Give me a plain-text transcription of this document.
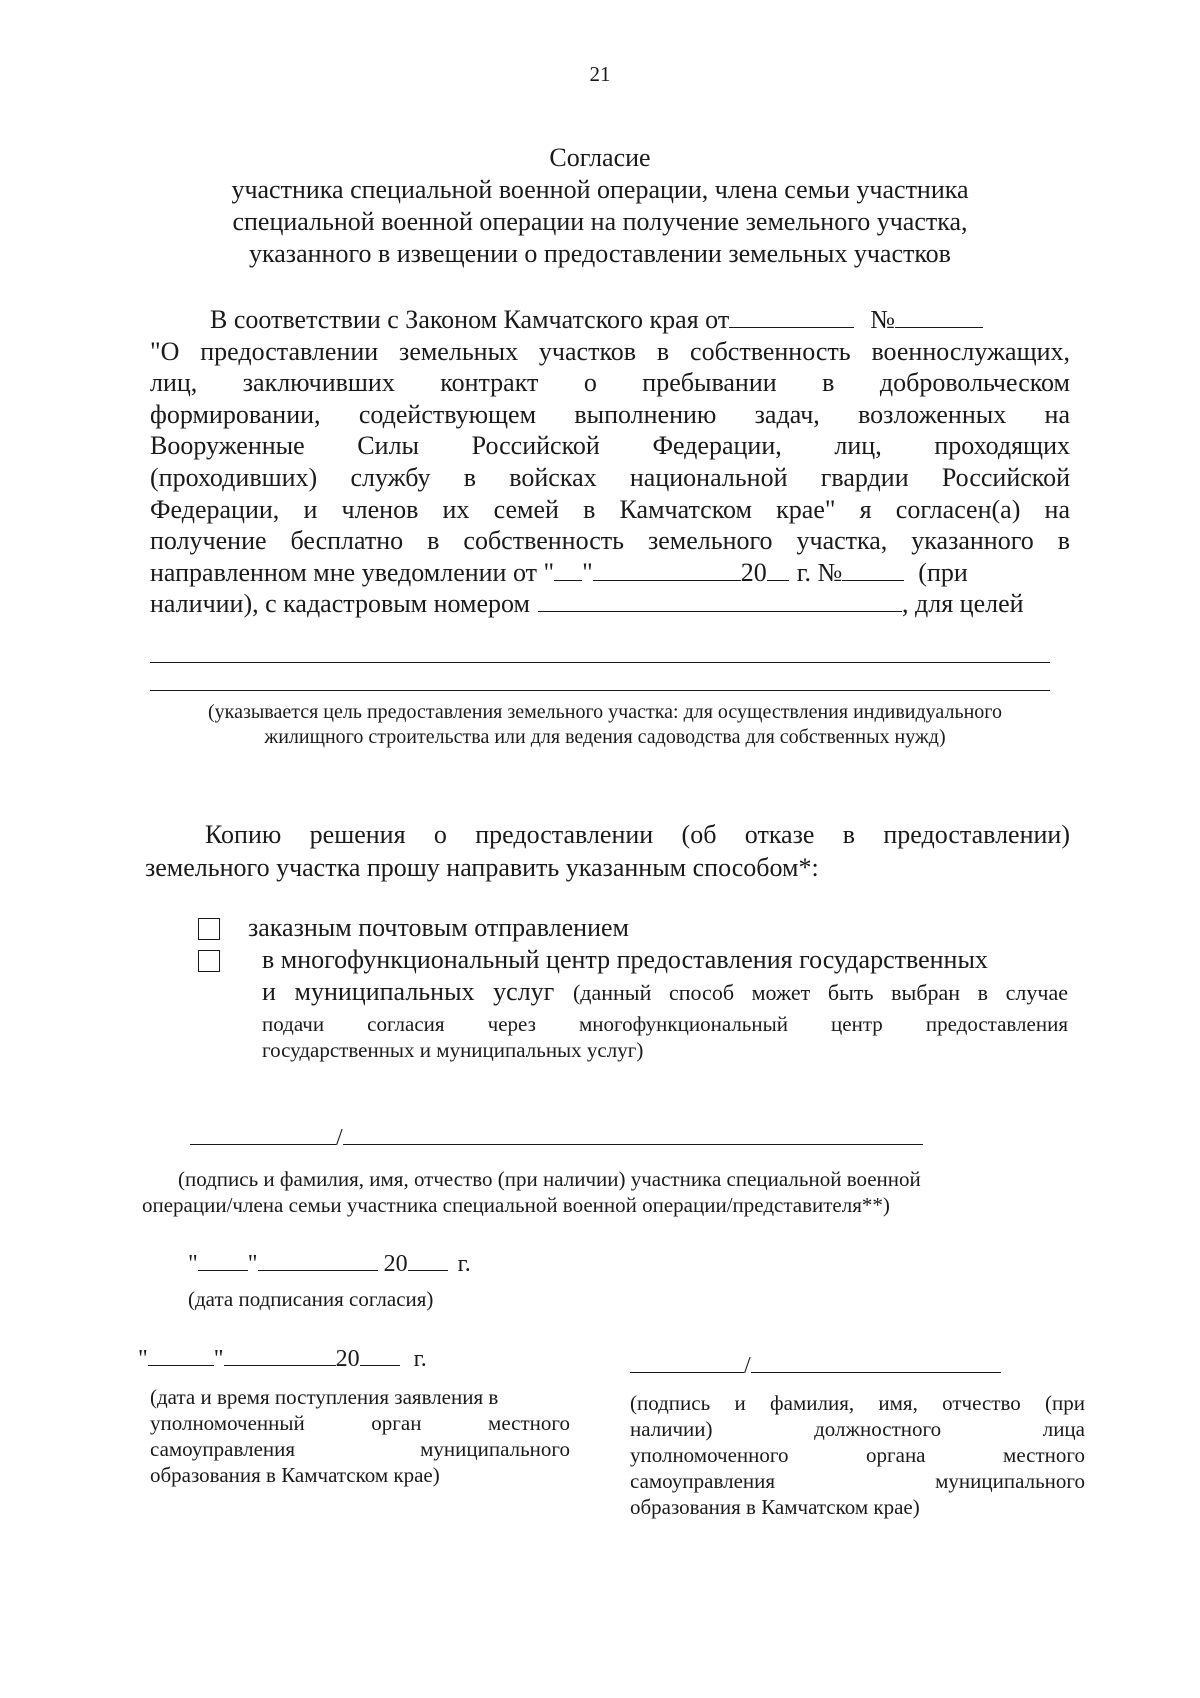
21
Согласие
участника специальной военной операции, члена семьи участника
специальной военной операции на получение земельного участка,
указанного в извещении о предоставлении земельных участков
В соответствии с Законом Камчатского края от	№
"О предоставлении земельных участков в собственность военнослужащих,
лиц, заключивших контракт о пребывании в добровольческом
формировании, содействующем выполнению задач, возложенных на
Вооруженные Силы Российской Федерации, лиц, проходящих
(проходивших) службу в войсках национальной гвардии Российской
Федерации, и членов их семей в Камчатском крае" я согласен(а) на
получение бесплатно в собственность земельного участка, указанного в
направленном мне уведомлении от " "	20 г. №	(при
наличии), с кадастровым номером	, для целей
(указывается цель предоставления земельного участка: для осуществления индивидуального жилищного строительства или для ведения садоводства для собственных нужд)
Копию решения о предоставлении (об отказе в предоставлении)
земельного участка прошу направить указанным способом*:
заказным почтовым отправлением
в многофункциональный центр предоставления государственных
и муниципальных услуг (данный способ может быть выбран в случае
подачи согласия через многофункциональный центр предоставления
государственных и муниципальных услуг)
/
(подпись и фамилия, имя, отчество (при наличии) участника специальной военной
операции/члена семьи участника специальной военной операции/представителя**)
" "	20 г.
(дата подписания согласия)
"	"	20 г.
(дата и время поступления заявления в
уполномоченный орган местного
самоуправления муниципального
образования в Камчатском крае)
/
(подпись и фамилия, имя, отчество (при
наличии) должностного лица
уполномоченного органа местного
самоуправления муниципального
образования в Камчатском крае)
